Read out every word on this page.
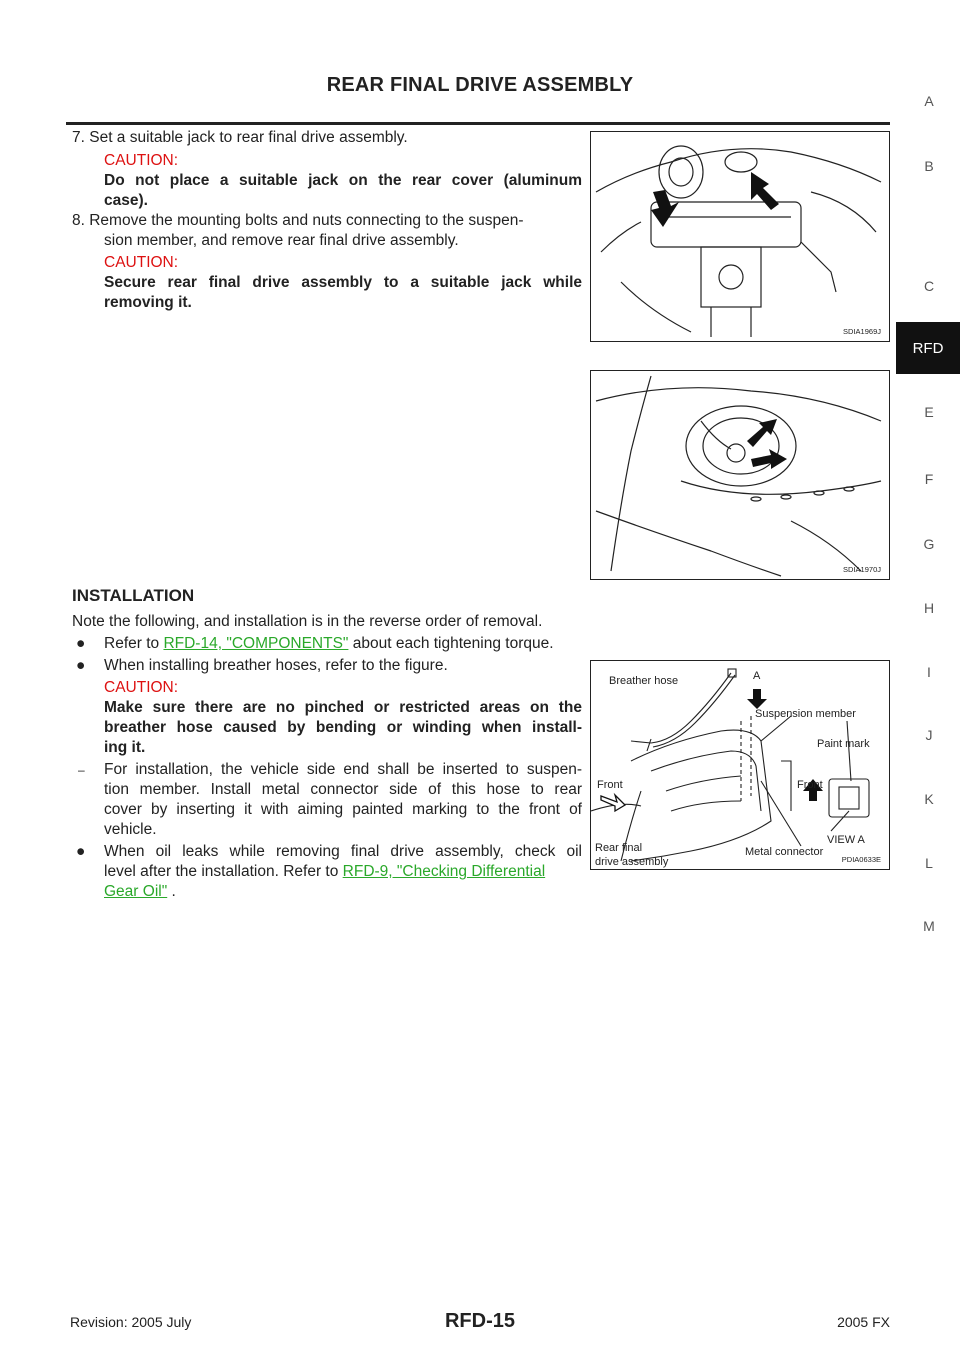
REAR FINAL DRIVE ASSEMBLY
A
B
C
RFD
E
F
G
H
I
J
K
L
M
7. Set a suitable jack to rear final drive assembly.
CAUTION:
Do not place a suitable jack on the rear cover (aluminum
case).
8. Remove the mounting bolts and nuts connecting to the suspen-
sion member, and remove rear final drive assembly.
CAUTION:
Secure rear final drive assembly to a suitable jack while
removing it.
SDIA1969J
SDIA1970J
INSTALLATION
Note the following, and installation is in the reverse order of removal.
● Refer to RFD-14, "COMPONENTS" about each tightening torque.
● When installing breather hoses, refer to the figure.
CAUTION:
Make sure there are no pinched or restricted areas on the
breather hose caused by bending or winding when install-
ing it.
– For installation, the vehicle side end shall be inserted to suspen-
tion member. Install metal connector side of this hose to rear
cover by inserting it with aiming painted marking to the front of
vehicle.
● When oil leaks while removing final drive assembly, check oil
level after the installation. Refer to RFD-9, "Checking Differential
Gear Oil" .
Breather hose	A
Suspension member
Paint mark
Front	Front
VIEW A
Rear final
drive assembly
Metal connector
PDIA0633E
Revision: 2005 July	RFD-15	2005 FX
